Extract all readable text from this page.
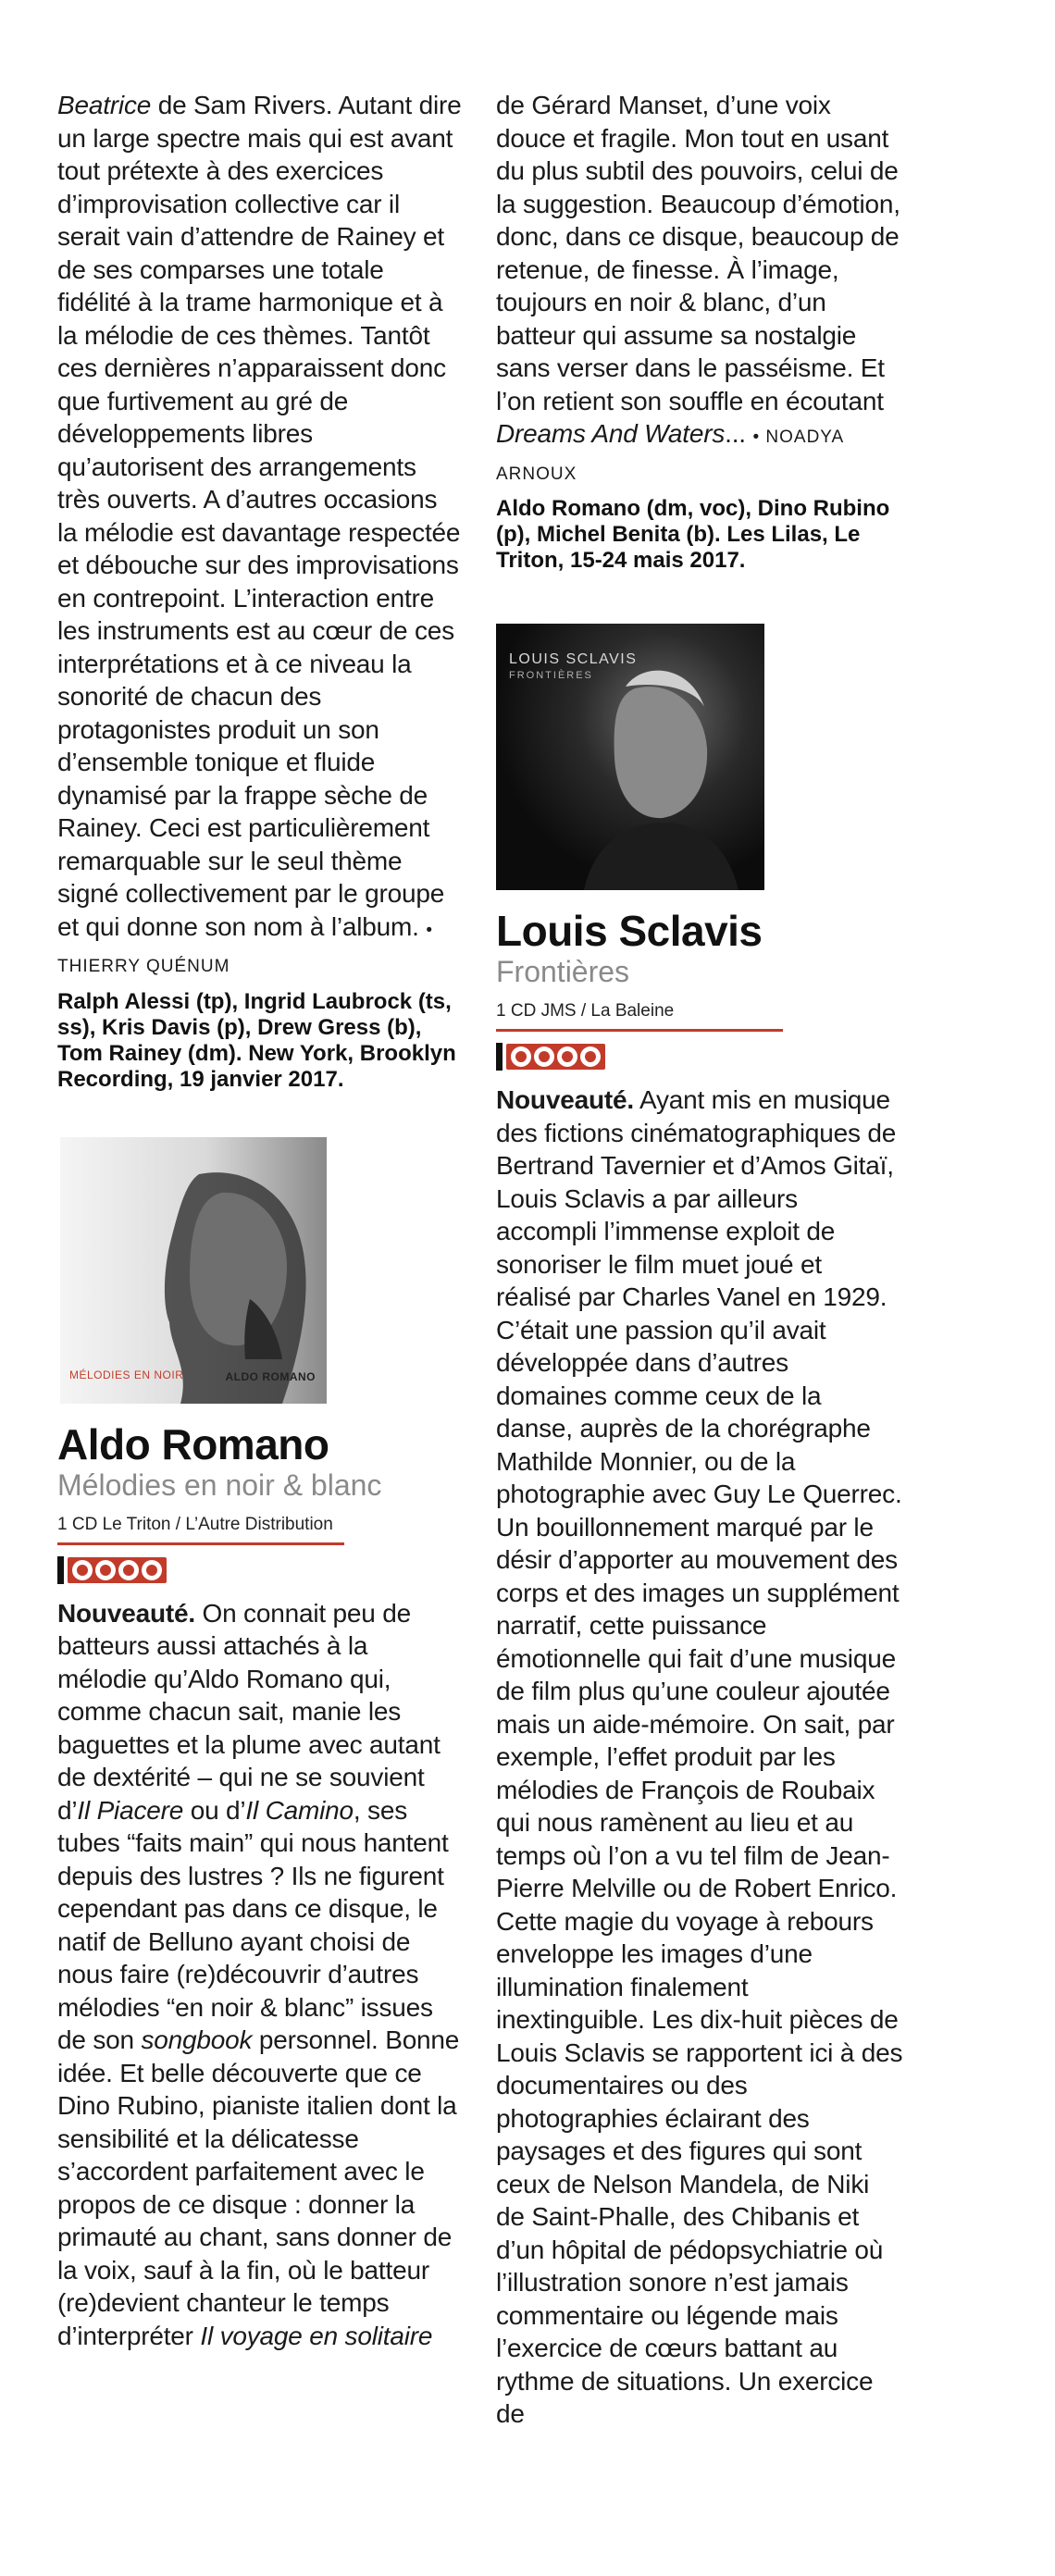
Beatrice de Sam Rivers. Autant dire un large spectre mais qui est avant tout prétexte à des exercices d’improvisation collective car il serait vain d’attendre de Rainey et de ses comparses une totale fidélité à la trame harmonique et à la mélodie de ces thèmes. Tantôt ces dernières n’apparaissent donc que furtivement au gré de développements libres qu’autorisent des arrangements très ouverts. A d’autres occasions la mélodie est davantage respectée et débouche sur des improvisations en contrepoint. L’interaction entre les instruments est au cœur de ces interprétations et à ce niveau la sonorité de chacun des protagonistes produit un son d’ensemble tonique et fluide dynamisé par la frappe sèche de Rainey. Ceci est particulièrement remarquable sur le seul thème signé collectivement par le groupe et qui donne son nom à l’album. • THIERRY QUÉNUM

Ralph Alessi (tp), Ingrid Laubrock (ts, ss), Kris Davis (p), Drew Gress (b), Tom Rainey (dm). New York, Brooklyn Recording, 19 janvier 2017.

MÉLODIES EN NOIR	ALDO ROMANO
Aldo Romano

Mélodies en noir & blanc

1 CD Le Triton / L’Autre Distribution

Nouveauté. On connait peu de batteurs aussi attachés à la mélodie qu’Aldo Romano qui, comme chacun sait, manie les baguettes et la plume avec autant de dextérité – qui ne se souvient d’Il Piacere ou d’Il Camino, ses tubes “faits main” qui nous hantent depuis des lustres ? Ils ne figurent cependant pas dans ce disque, le natif de Belluno ayant choisi de nous faire (re)découvrir d’autres mélodies “en noir & blanc” issues de son songbook personnel. Bonne idée. Et belle découverte que ce Dino Rubino, pianiste italien dont la sensibilité et la délicatesse s’accordent parfaitement avec le propos de ce disque : donner la primauté au chant, sans donner de la voix, sauf à la fin, où le batteur (re)devient chanteur le temps d’interpréter Il voyage en solitaire

de Gérard Manset, d’une voix douce et fragile. Mon tout en usant du plus subtil des pouvoirs, celui de la suggestion. Beaucoup d’émotion, donc, dans ce disque, beaucoup de retenue, de finesse. À l’image, toujours en noir & blanc, d’un batteur qui assume sa nostalgie sans verser dans le passéisme. Et l’on retient son souffle en écoutant Dreams And Waters... • NOADYA ARNOUX

Aldo Romano (dm, voc), Dino Rubino (p), Michel Benita (b). Les Lilas, Le Triton, 15-24 mais 2017.

LOUIS SCLAVIS
FRONTIÈRES
Louis Sclavis

Frontières

1 CD JMS / La Baleine

Nouveauté. Ayant mis en musique des fictions cinématographiques de Bertrand Tavernier et d’Amos Gitaï, Louis Sclavis a par ailleurs accompli l’immense exploit de sonoriser le film muet joué et réalisé par Charles Vanel en 1929. C’était une passion qu’il avait développée dans d’autres domaines comme ceux de la danse, auprès de la chorégraphe Mathilde Monnier, ou de la photographie avec Guy Le Querrec. Un bouillonnement marqué par le désir d’apporter au mouvement des corps et des images un supplément narratif, cette puissance émotionnelle qui fait d’une musique de film plus qu’une couleur ajoutée mais un aide-mémoire. On sait, par exemple, l’effet produit par les mélodies de François de Roubaix qui nous ramènent au lieu et au temps où l’on a vu tel film de Jean-Pierre Melville ou de Robert Enrico. Cette magie du voyage à rebours enveloppe les images d’une illumination finalement inextinguible. Les dix-huit pièces de Louis Sclavis se rapportent ici à des documentaires ou des photographies éclairant des paysages et des figures qui sont ceux de Nelson Mandela, de Niki de Saint-Phalle, des Chibanis et d’un hôpital de pédopsychiatrie où l’illustration sonore n’est jamais commentaire ou légende mais l’exercice de cœurs battant au rythme de situations. Un exercice de
